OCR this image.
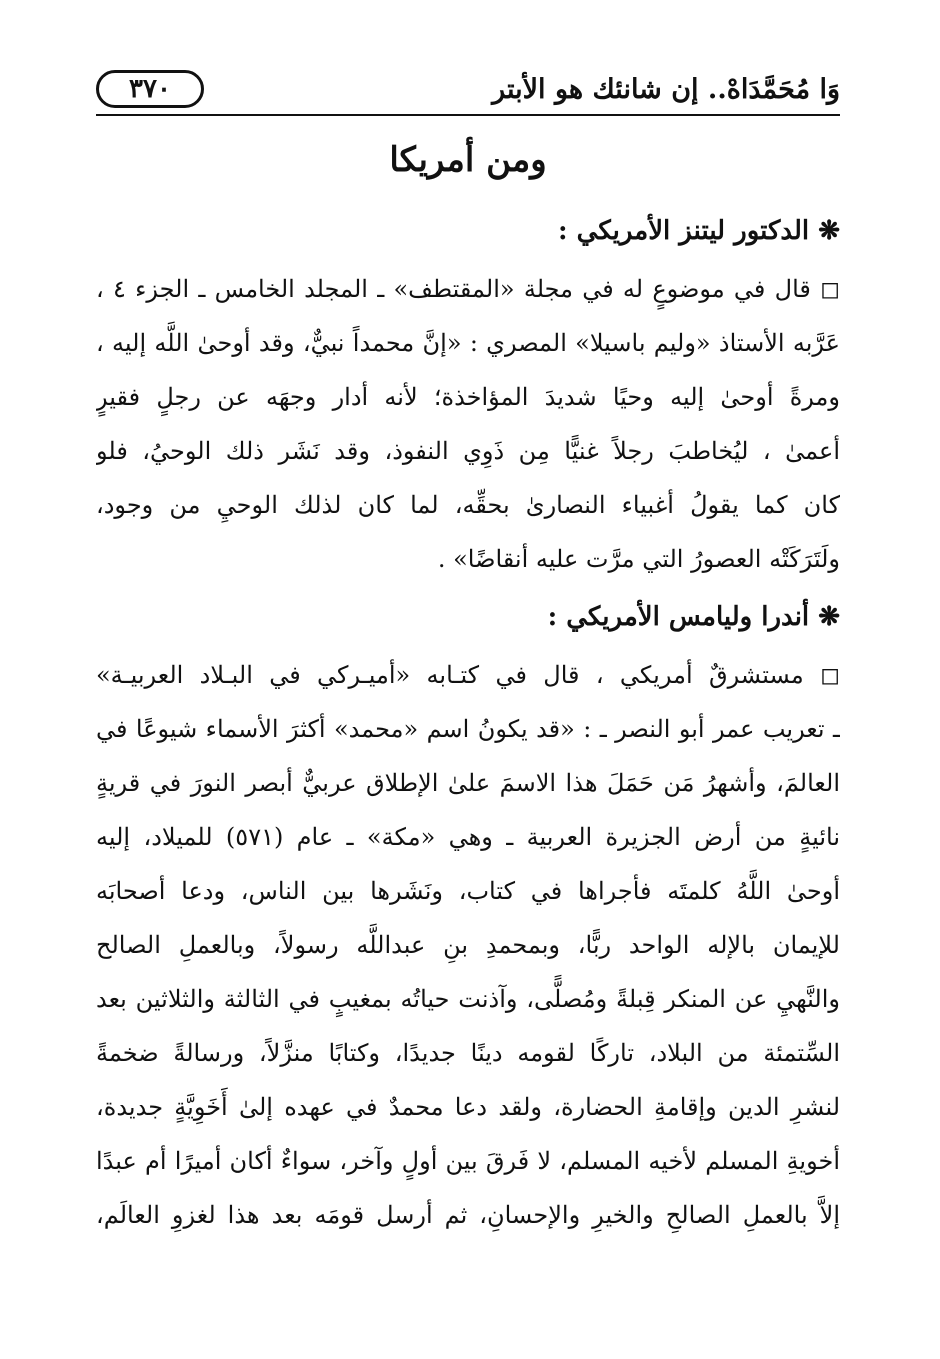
وَا مُحَمَّدَاهْ.. إن شانئك هو الأبتر
٣٧٠
ومن أمريكا
❋ الدكتور ليتنز الأمريكي :
◻ قال في موضوعٍ له في مجلة «المقتطف» ـ المجلد الخامس ـ الجزء ٤ ،
عَرَّبه الأستاذ «وليم باسيلا» المصري : «إنَّ محمداً نبيٌّ، وقد أوحىٰ اللَّه إليه ،
ومرةً أوحىٰ إليه وحيًا شديدَ المؤاخذة؛ لأنه أدار وجهَه عن رجلٍ فقيرٍ
أعمىٰ ، ليُخاطبَ رجلاً غنيًّا مِن ذَوِي النفوذ، وقد نَشَر ذلك الوحيُ، فلو
كان كما يقولُ أغبياء النصارىٰ بحقِّه، لما كان لذلك الوحيِ من وجود،
ولَتَرَكَتْه العصورُ التي مرَّت عليه أنقاضًا» .
❋ أندرا وليامس الأمريكي :
◻ مستشرقٌ أمريكي ، قال في كتـابه «أميـركي في البـلاد العربيـة»
ـ تعريب عمر أبو النصر ـ : «قد يكونُ اسم «محمد» أكثرَ الأسماء شيوعًا في
العالمَ، وأشهرُ مَن حَمَلَ هذا الاسمَ علىٰ الإطلاق عربيٌّ أبصر النورَ في قريةٍ
نائيةٍ من أرض الجزيرة العربية ـ وهي «مكة» ـ عام (٥٧١) للميلاد، إليه
أوحىٰ اللَّهُ كلمتَه فأجراها في كتاب، ونَشَرها بين الناس، ودعا أصحابَه
للإيمان بالإله الواحد ربًّا، وبمحمدِ بنِ عبداللَّه رسولاً، وبالعملِ الصالح
والنَّهيِ عن المنكر قِبلةً ومُصلًّى، وآذنت حياتُه بمغيبٍ في الثالثة والثلاثين بعد
السِّتمئة من البلاد، تاركًا لقومه دينًا جديدًا، وكتابًا منزَّلاً، ورسالةً ضخمةً
لنشرِ الدين وإقامةِ الحضارة، ولقد دعا محمدٌ في عهده إلىٰ أَخَوِيَّةٍ جديدة،
أخويةِ المسلم لأخيه المسلم، لا فَرقَ بين أولٍ وآخر، سواءٌ أكان أميرًا أم عبدًا
إلاَّ بالعملِ الصالحِ والخيرِ والإحسانِ، ثم أرسل قومَه بعد هذا لغزوِ العالَم،
